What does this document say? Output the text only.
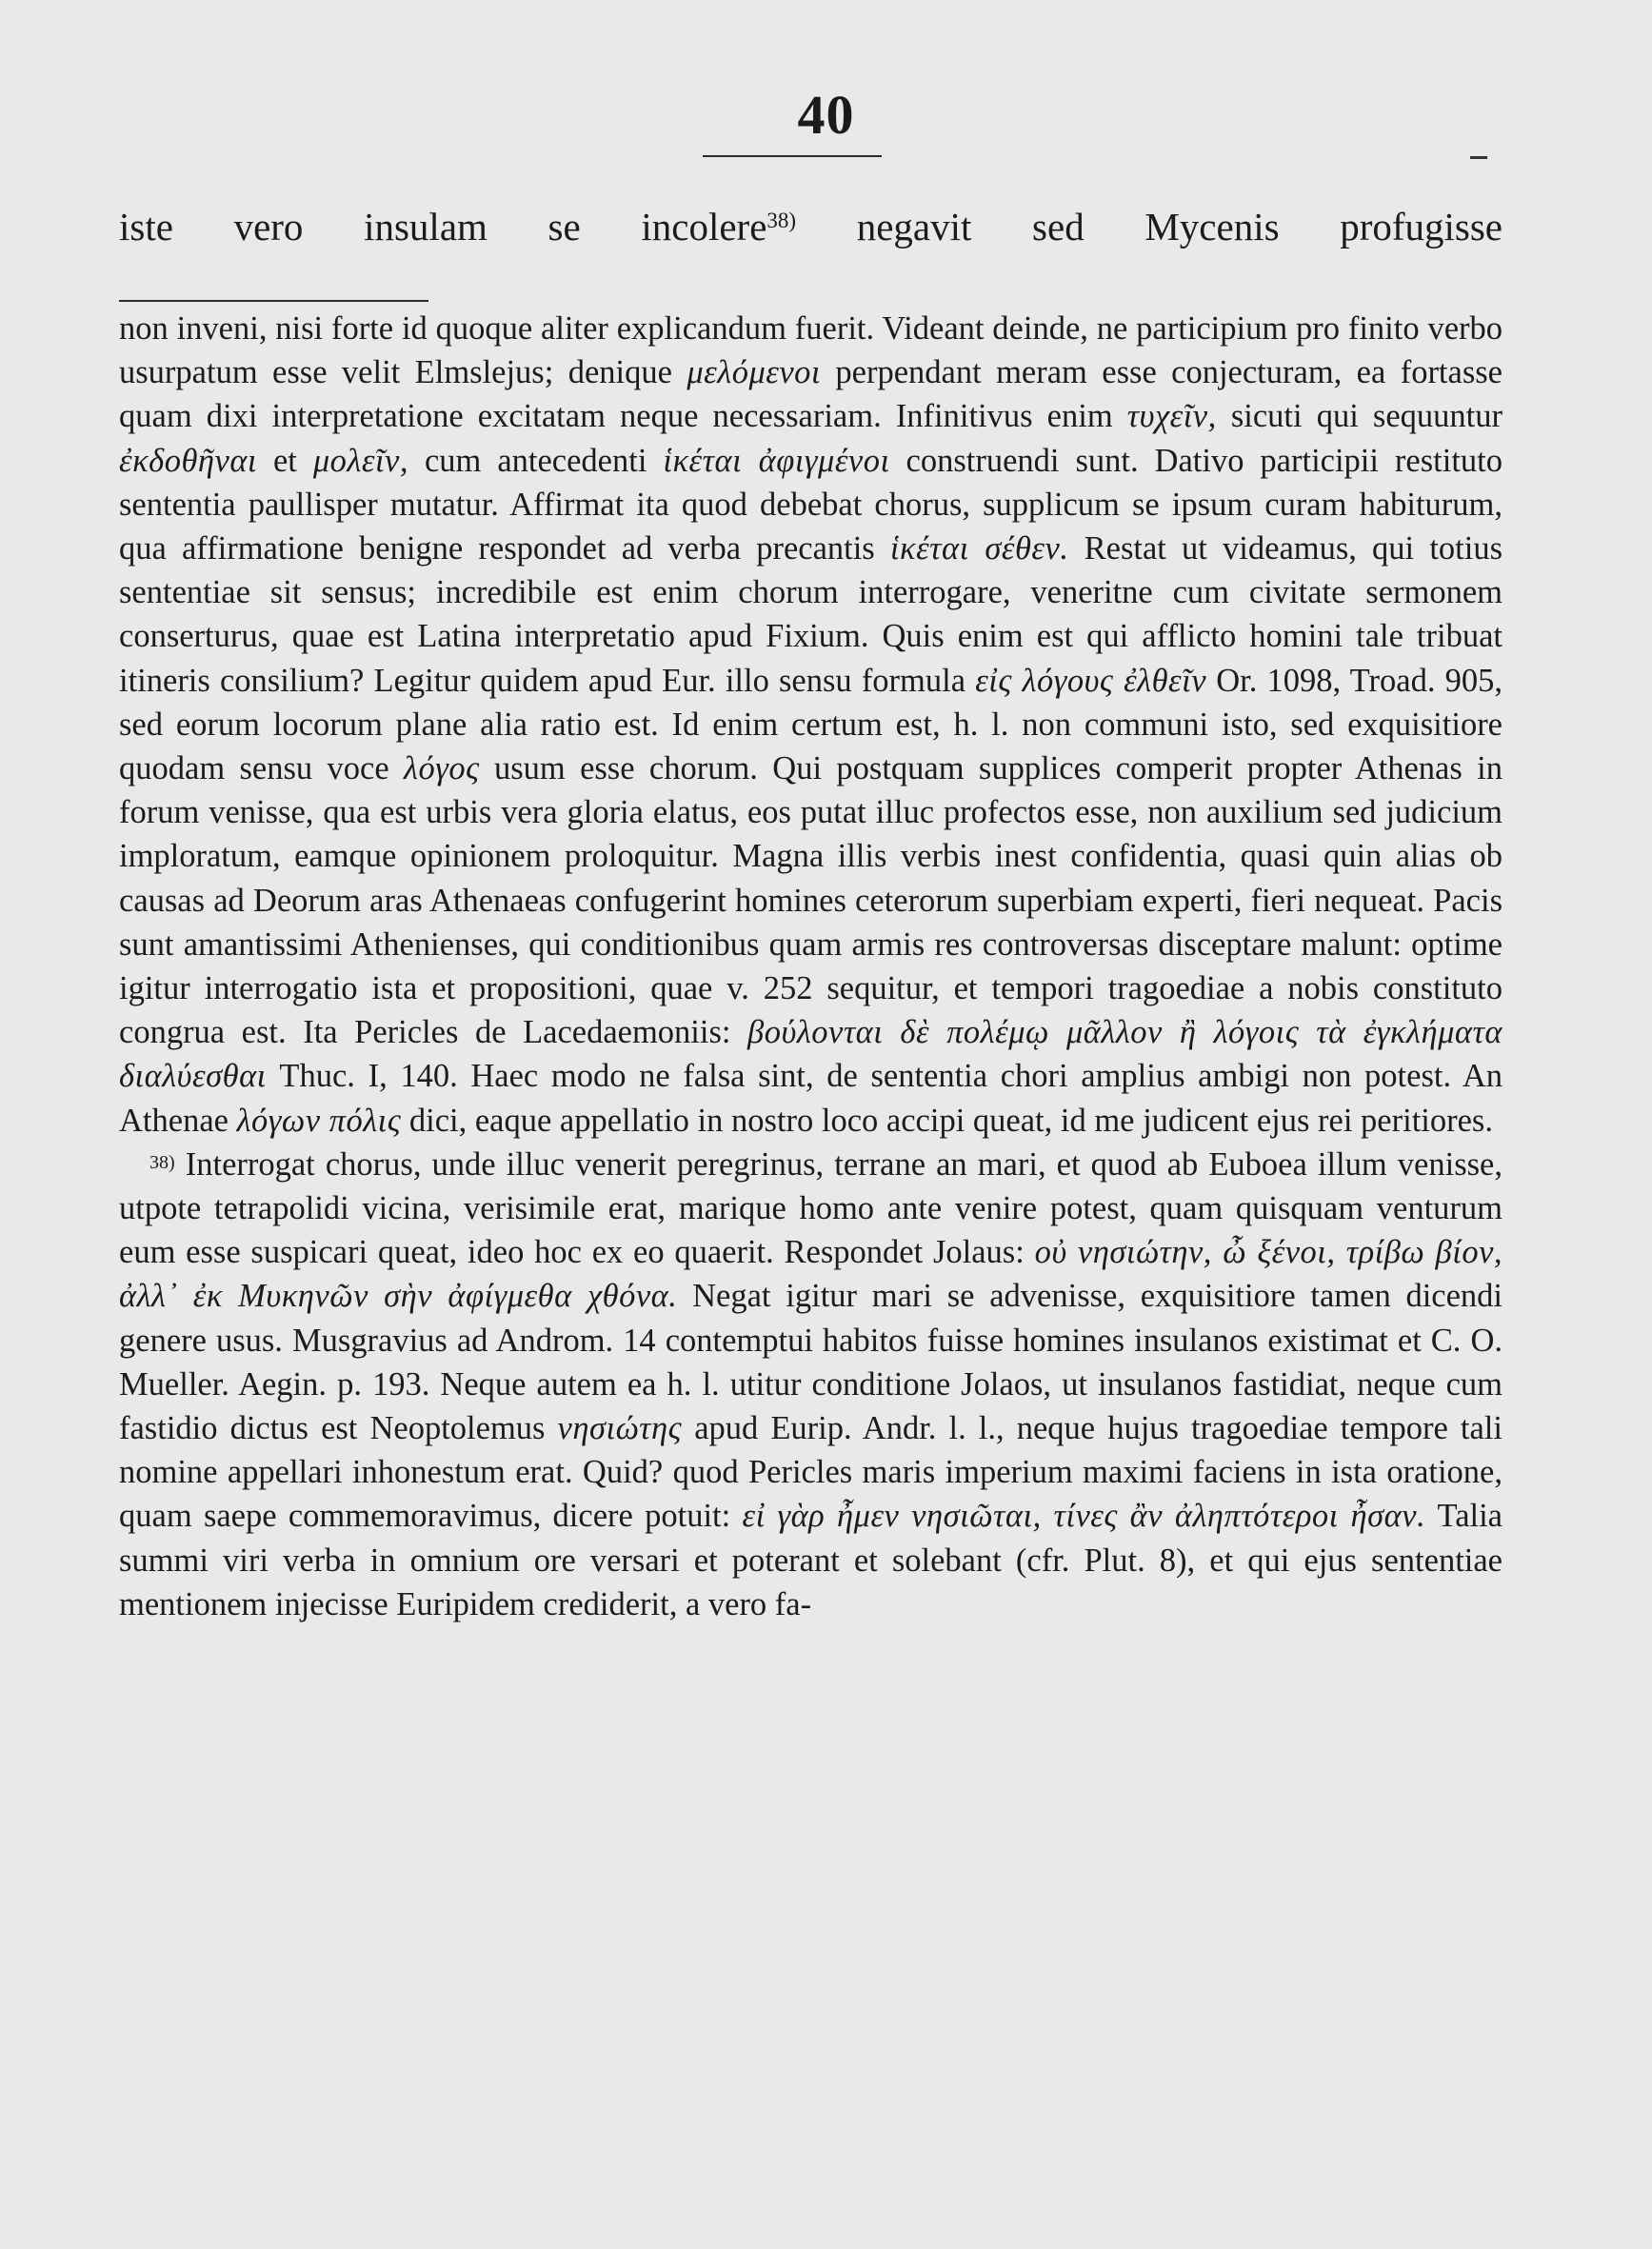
40

iste vero insulam se incolere$^{38)}$ negavit sed Mycenis profugisse

non inveni, nisi forte id quoque aliter explicandum fuerit. Videant deinde, ne participium pro finito verbo usurpatum esse velit Elmslejus; denique μελόμενοι perpendant meram esse conjecturam, ea fortasse quam dixi interpretatione excitatam neque necessariam. Infinitivus enim τυχεῖν, sicuti qui sequuntur ἐκδοθῆναι et μολεῖν, cum antecedenti ἱκέται ἀφιγμένοι construendi sunt. Dativo participii restituto sententia paullisper mutatur. Affirmat ita quod debebat chorus, supplicum se ipsum curam habiturum, qua affirmatione benigne respondet ad verba precantis ἱκέται σέθεν. Restat ut videamus, qui totius sententiae sit sensus; incredibile est enim chorum interrogare, veneritne cum civitate sermonem conserturus, quae est Latina interpretatio apud Fixium. Quis enim est qui afflicto homini tale tribuat itineris consilium? Legitur quidem apud Eur. illo sensu formula εἰς λόγους ἐλθεῖν Or. 1098, Troad. 905, sed eorum locorum plane alia ratio est. Id enim certum est, h. l. non communi isto, sed exquisitiore quodam sensu voce λόγος usum esse chorum. Qui postquam supplices comperit propter Athenas in forum venisse, qua est urbis vera gloria elatus, eos putat illuc profectos esse, non auxilium sed judicium imploratum, eamque opinionem proloquitur. Magna illis verbis inest confidentia, quasi quin alias ob causas ad Deorum aras Athenaeas confugerint homines ceterorum superbiam experti, fieri nequeat. Pacis sunt amantissimi Athenienses, qui conditionibus quam armis res controversas disceptare malunt: optime igitur interrogatio ista et propositioni, quae v. 252 sequitur, et tempori tragoediae a nobis constituto congrua est. Ita Pericles de Lacedaemoniis: βούλονται δὲ πολέμῳ μᾶλλον ἢ λόγοις τὰ ἐγκλήματα διαλύεσθαι Thuc. I, 140. Haec modo ne falsa sint, de sententia chori amplius ambigi non potest. An Athenae λόγων πόλις dici, eaque appellatio in nostro loco accipi queat, id me judicent ejus rei peritiores.

$^{38)}$ Interrogat chorus, unde illuc venerit peregrinus, terrane an mari, et quod ab Euboea illum venisse, utpote tetrapolidi vicina, verisimile erat, marique homo ante venire potest, quam quisquam venturum eum esse suspicari queat, ideo hoc ex eo quaerit. Respondet Jolaus: οὐ νησιώτην, ὦ ξένοι, τρίβω βίον, ἀλλ᾽ ἐκ Μυκηνῶν σὴν ἀφίγμεθα χθόνα. Negat igitur mari se advenisse, exquisitiore tamen dicendi genere usus. Musgravius ad Androm. 14 contemptui habitos fuisse homines insulanos existimat et C. O. Mueller. Aegin. p. 193. Neque autem ea h. l. utitur conditione Jolaos, ut insulanos fastidiat, neque cum fastidio dictus est Neoptolemus νησιώτης apud Eurip. Andr. l. l., neque hujus tragoediae tempore tali nomine appellari inhonestum erat. Quid? quod Pericles maris imperium maximi faciens in ista oratione, quam saepe commemoravimus, dicere potuit: εἰ γὰρ ἦμεν νησιῶται, τίνες ἂν ἀληπτότεροι ἦσαν. Talia summi viri verba in omnium ore versari et poterant et solebant (cfr. Plut. 8), et qui ejus sententiae mentionem injecisse Euripidem crediderit, a vero fa-
